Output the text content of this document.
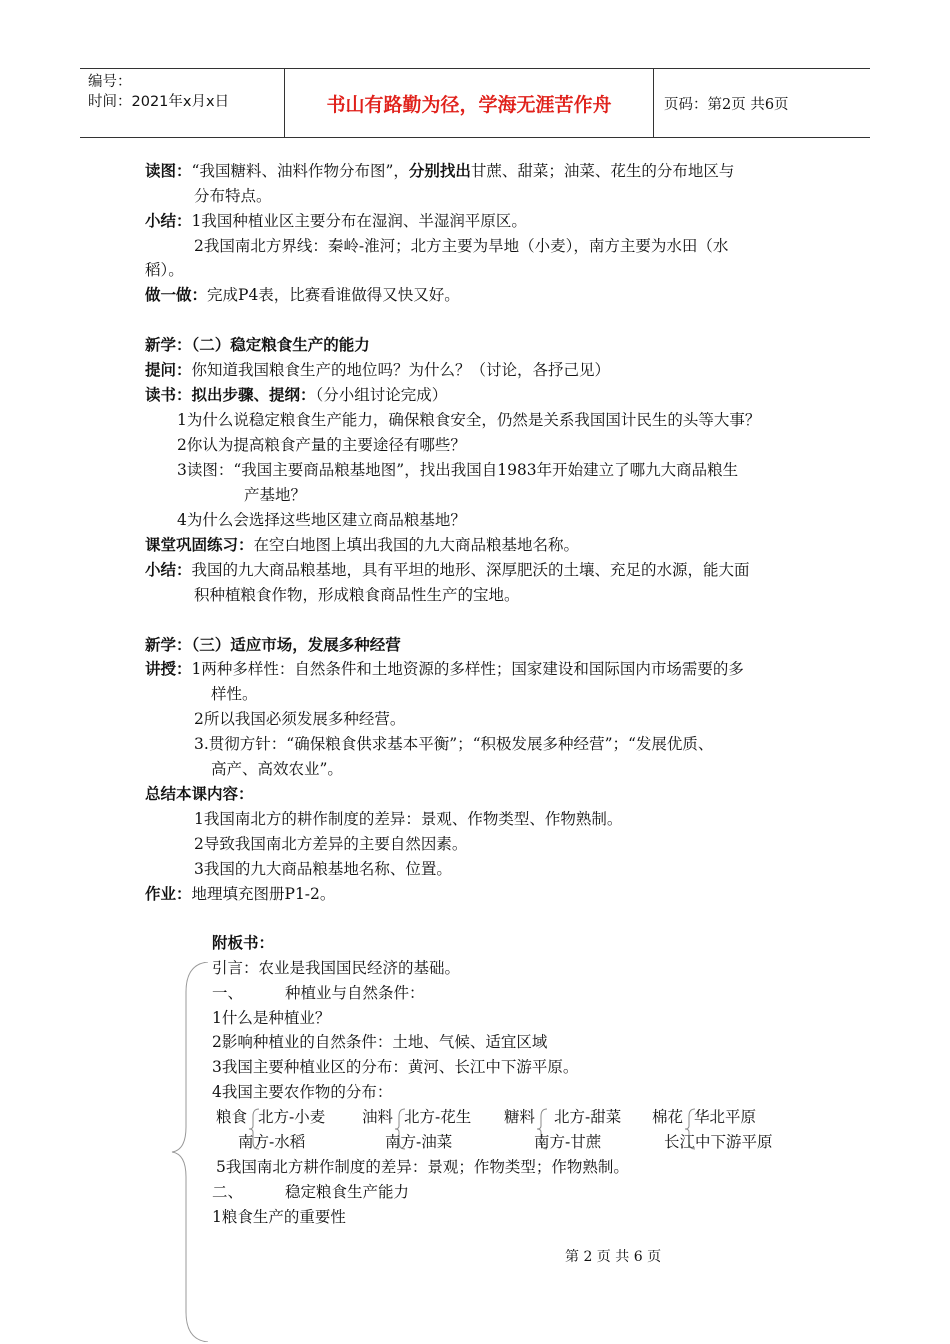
编号：
时间：2021年x月x日	书山有路勤为径，学海无涯苦作舟	页码：第2页 共6页
读图：“我国糖料、油料作物分布图”，分别找出甘蔗、甜菜；油菜、花生的分布地区与
分布特点。
小结：1我国种植业区主要分布在湿润、半湿润平原区。
2我国南北方界线：秦岭-淮河；北方主要为旱地（小麦），南方主要为水田（水
稻）。
做一做：完成P4表，比赛看谁做得又快又好。
新学：（二）稳定粮食生产的能力
提问：你知道我国粮食生产的地位吗？为什么？（讨论，各抒己见）
读书：拟出步骤、提纲：（分小组讨论完成）
1为什么说稳定粮食生产能力，确保粮食安全，仍然是关系我国国计民生的头等大事？
2你认为提高粮食产量的主要途径有哪些？
3读图：“我国主要商品粮基地图”，找出我国自1983年开始建立了哪九大商品粮生
产基地？
4为什么会选择这些地区建立商品粮基地？
课堂巩固练习：在空白地图上填出我国的九大商品粮基地名称。
小结：我国的九大商品粮基地，具有平坦的地形、深厚肥沃的土壤、充足的水源，能大面
积种植粮食作物，形成粮食商品性生产的宝地。
新学：（三）适应市场，发展多种经营
讲授：1两种多样性：自然条件和土地资源的多样性；国家建设和国际国内市场需要的多
样性。
2所以我国必须发展多种经营。
3.贯彻方针：“确保粮食供求基本平衡”；“积极发展多种经营”；“发展优质、
高产、高效农业”。
总结本课内容：
1我国南北方的耕作制度的差异：景观、作物类型、作物熟制。
2导致我国南北方差异的主要自然因素。
3我国的九大商品粮基地名称、位置。
作业：地理填充图册P1-2。
附板书：
引言：农业是我国国民经济的基础。
一、	种植业与自然条件：
1什么是种植业？
2影响种植业的自然条件：土地、气候、适宜区域
3我国主要种植业区的分布：黄河、长江中下游平原。
4我国主要农作物的分布：
粮食 北方-小麦
南方-水稻
油料 北方-花生
南方-油菜
糖料 北方-甜菜
南方-甘蔗
棉花 华北平原
长江中下游平原
5我国南北方耕作制度的差异：景观；作物类型；作物熟制。
二、	稳定粮食生产能力
1粮食生产的重要性
第 2 页 共 6 页
